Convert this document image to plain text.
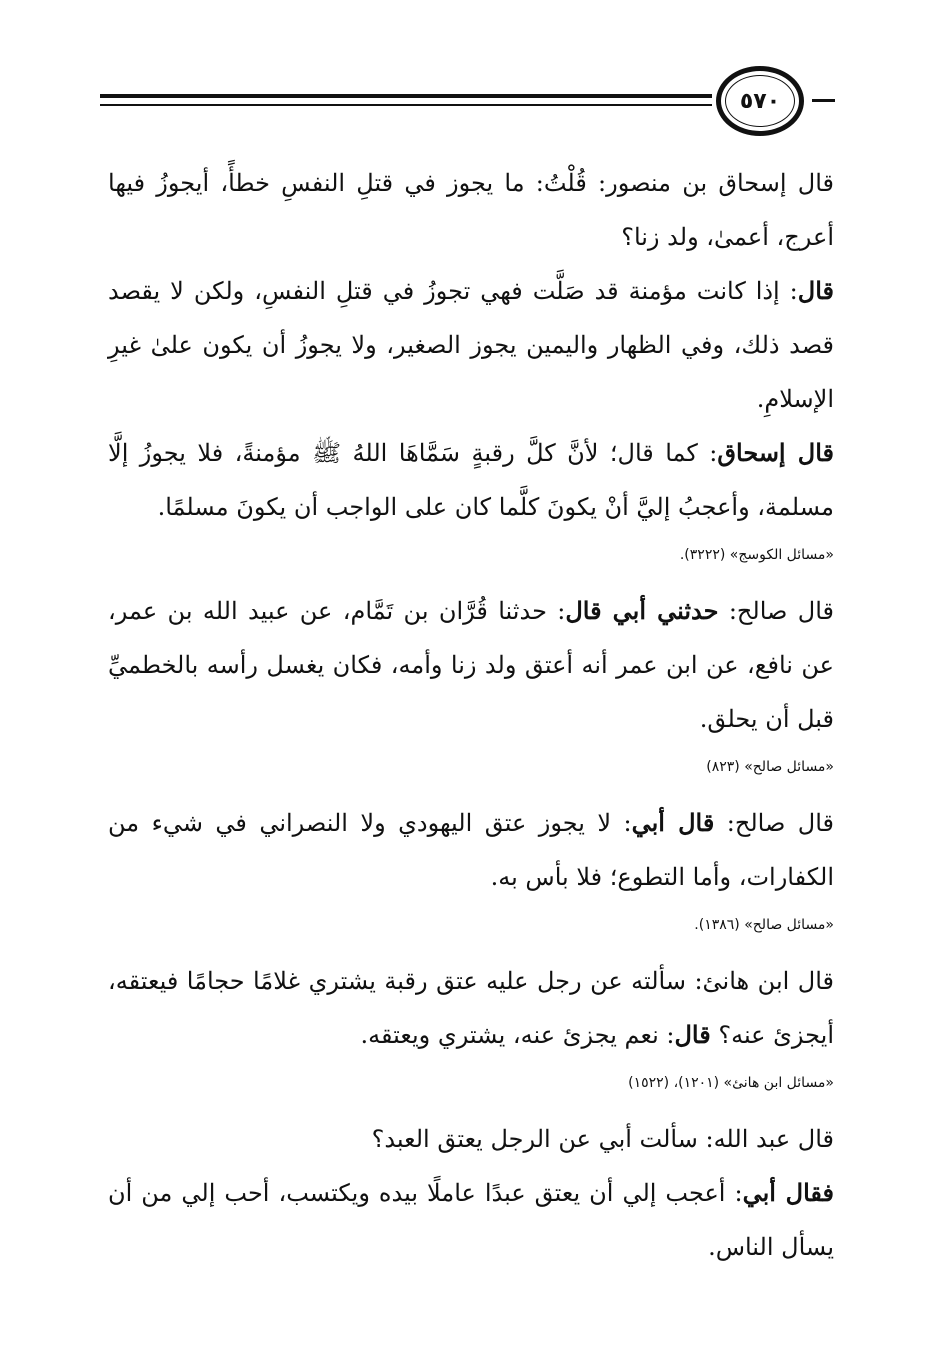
٥٧٠

قال إسحاق بن منصور: قُلْتُ: ما يجوز في قتلِ النفسِ خطأً، أيجوزُ فيها أعرج، أعمىٰ، ولد زنا؟

قال: إذا كانت مؤمنة قد صَلَّت فهي تجوزُ في قتلِ النفسِ، ولكن لا يقصد قصد ذلك، وفي الظهار واليمين يجوز الصغير، ولا يجوزُ أن يكون علىٰ غيرِ الإسلامِ.

قال إسحاق: كما قال؛ لأنَّ كلَّ رقبةٍ سَمَّاهَا اللهُ ﷺ مؤمنةً، فلا يجوزُ إلَّا مسلمة، وأعجبُ إليَّ أنْ يكونَ كلَّما كان على الواجب أن يكونَ مسلمًا.

«مسائل الكوسج» (٣٢٢٢).

قال صالح: حدثني أبي قال: حدثنا قُرَّان بن تَمَّام، عن عبيد الله بن عمر، عن نافع، عن ابن عمر أنه أعتق ولد زنا وأمه، فكان يغسل رأسه بالخطميِّ قبل أن يحلق.

«مسائل صالح» (٨٢٣)

قال صالح: قال أبي: لا يجوز عتق اليهودي ولا النصراني في شيء من الكفارات، وأما التطوع؛ فلا بأس به.

«مسائل صالح» (١٣٨٦).

قال ابن هانئ: سألته عن رجل عليه عتق رقبة يشتري غلامًا حجامًا فيعتقه، أيجزئ عنه؟ قال: نعم يجزئ عنه، يشتري ويعتقه.

«مسائل ابن هانئ» (١٢٠١)، (١٥٢٢)

قال عبد الله: سألت أبي عن الرجل يعتق العبد؟

فقال أبي: أعجب إلي أن يعتق عبدًا عاملًا بيده ويكتسب، أحب إلي من أن يسأل الناس.
